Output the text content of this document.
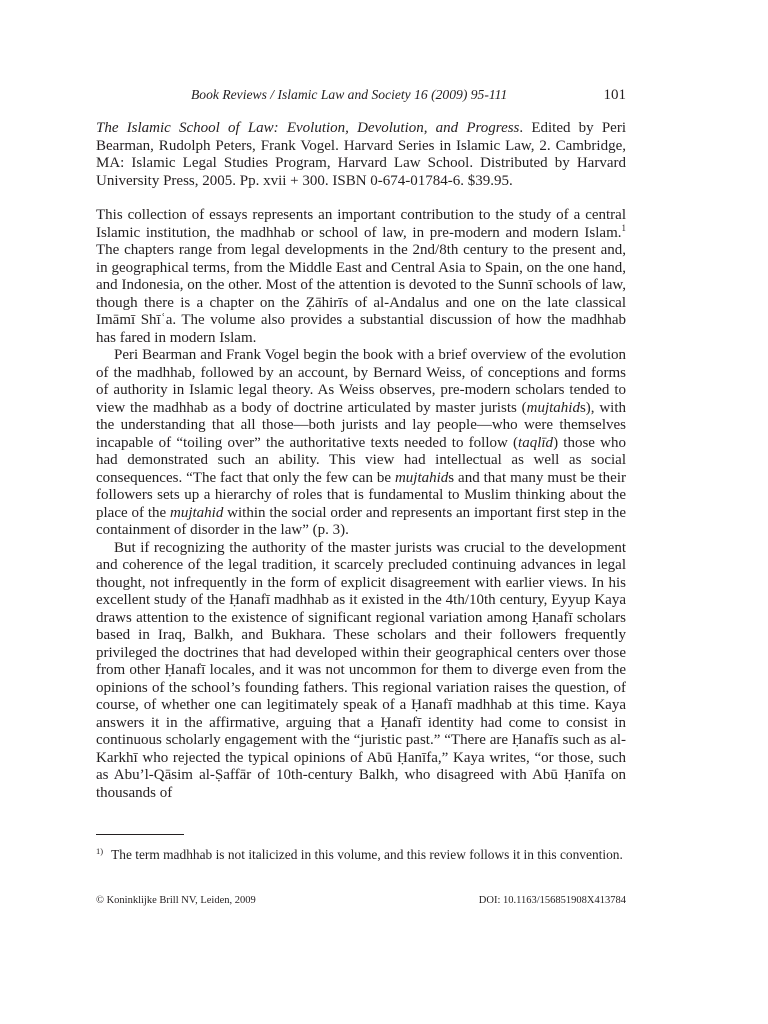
Book Reviews / Islamic Law and Society 16 (2009) 95-111	101

The Islamic School of Law: Evolution, Devolution, and Progress. Edited by Peri Bearman, Rudolph Peters, Frank Vogel. Harvard Series in Islamic Law, 2. Cambridge, MA: Islamic Legal Studies Program, Harvard Law School. Distributed by Harvard University Press, 2005. Pp. xvii + 300. ISBN 0-674-01784-6. $39.95.

This collection of essays represents an important contribution to the study of a central Islamic institution, the madhhab or school of law, in pre-modern and modern Islam.$^1$ The chapters range from legal developments in the 2nd/8th century to the present and, in geographical terms, from the Middle East and Central Asia to Spain, on the one hand, and Indonesia, on the other. Most of the attention is devoted to the Sunnī schools of law, though there is a chapter on the Ẓāhirīs of al-Andalus and one on the late classical Imāmī Shīʿa. The volume also provides a substantial discussion of how the madhhab has fared in modern Islam.

Peri Bearman and Frank Vogel begin the book with a brief overview of the evolution of the madhhab, followed by an account, by Bernard Weiss, of conceptions and forms of authority in Islamic legal theory. As Weiss observes, pre-modern scholars tended to view the madhhab as a body of doctrine articulated by master jurists (mujtahids), with the understanding that all those—both jurists and lay people—who were themselves incapable of “toiling over” the authoritative texts needed to follow (taqlīd) those who had demonstrated such an ability. This view had intellectual as well as social consequences. “The fact that only the few can be mujtahids and that many must be their followers sets up a hierarchy of roles that is fundamental to Muslim thinking about the place of the mujtahid within the social order and represents an important first step in the containment of disorder in the law” (p. 3).

But if recognizing the authority of the master jurists was crucial to the development and coherence of the legal tradition, it scarcely precluded continuing advances in legal thought, not infrequently in the form of explicit disagreement with earlier views. In his excellent study of the Ḥanafī madhhab as it existed in the 4th/10th century, Eyyup Kaya draws attention to the existence of significant regional variation among Ḥanafī scholars based in Iraq, Balkh, and Bukhara. These scholars and their followers frequently privileged the doctrines that had developed within their geographical centers over those from other Ḥanafī locales, and it was not uncommon for them to diverge even from the opinions of the school’s founding fathers. This regional variation raises the question, of course, of whether one can legitimately speak of a Ḥanafī madhhab at this time. Kaya answers it in the affirmative, arguing that a Ḥanafī identity had come to consist in continuous scholarly engagement with the “juristic past.” “There are Ḥanafīs such as al-Karkhī who rejected the typical opinions of Abū Ḥanīfa,” Kaya writes, “or those, such as Abu’l-Qāsim al-Ṣaffār of 10th-century Balkh, who disagreed with Abū Ḥanīfa on thousands of

$^{1)}$ The term madhhab is not italicized in this volume, and this review follows it in this convention.
© Koninklijke Brill NV, Leiden, 2009	DOI: 10.1163/156851908X413784
